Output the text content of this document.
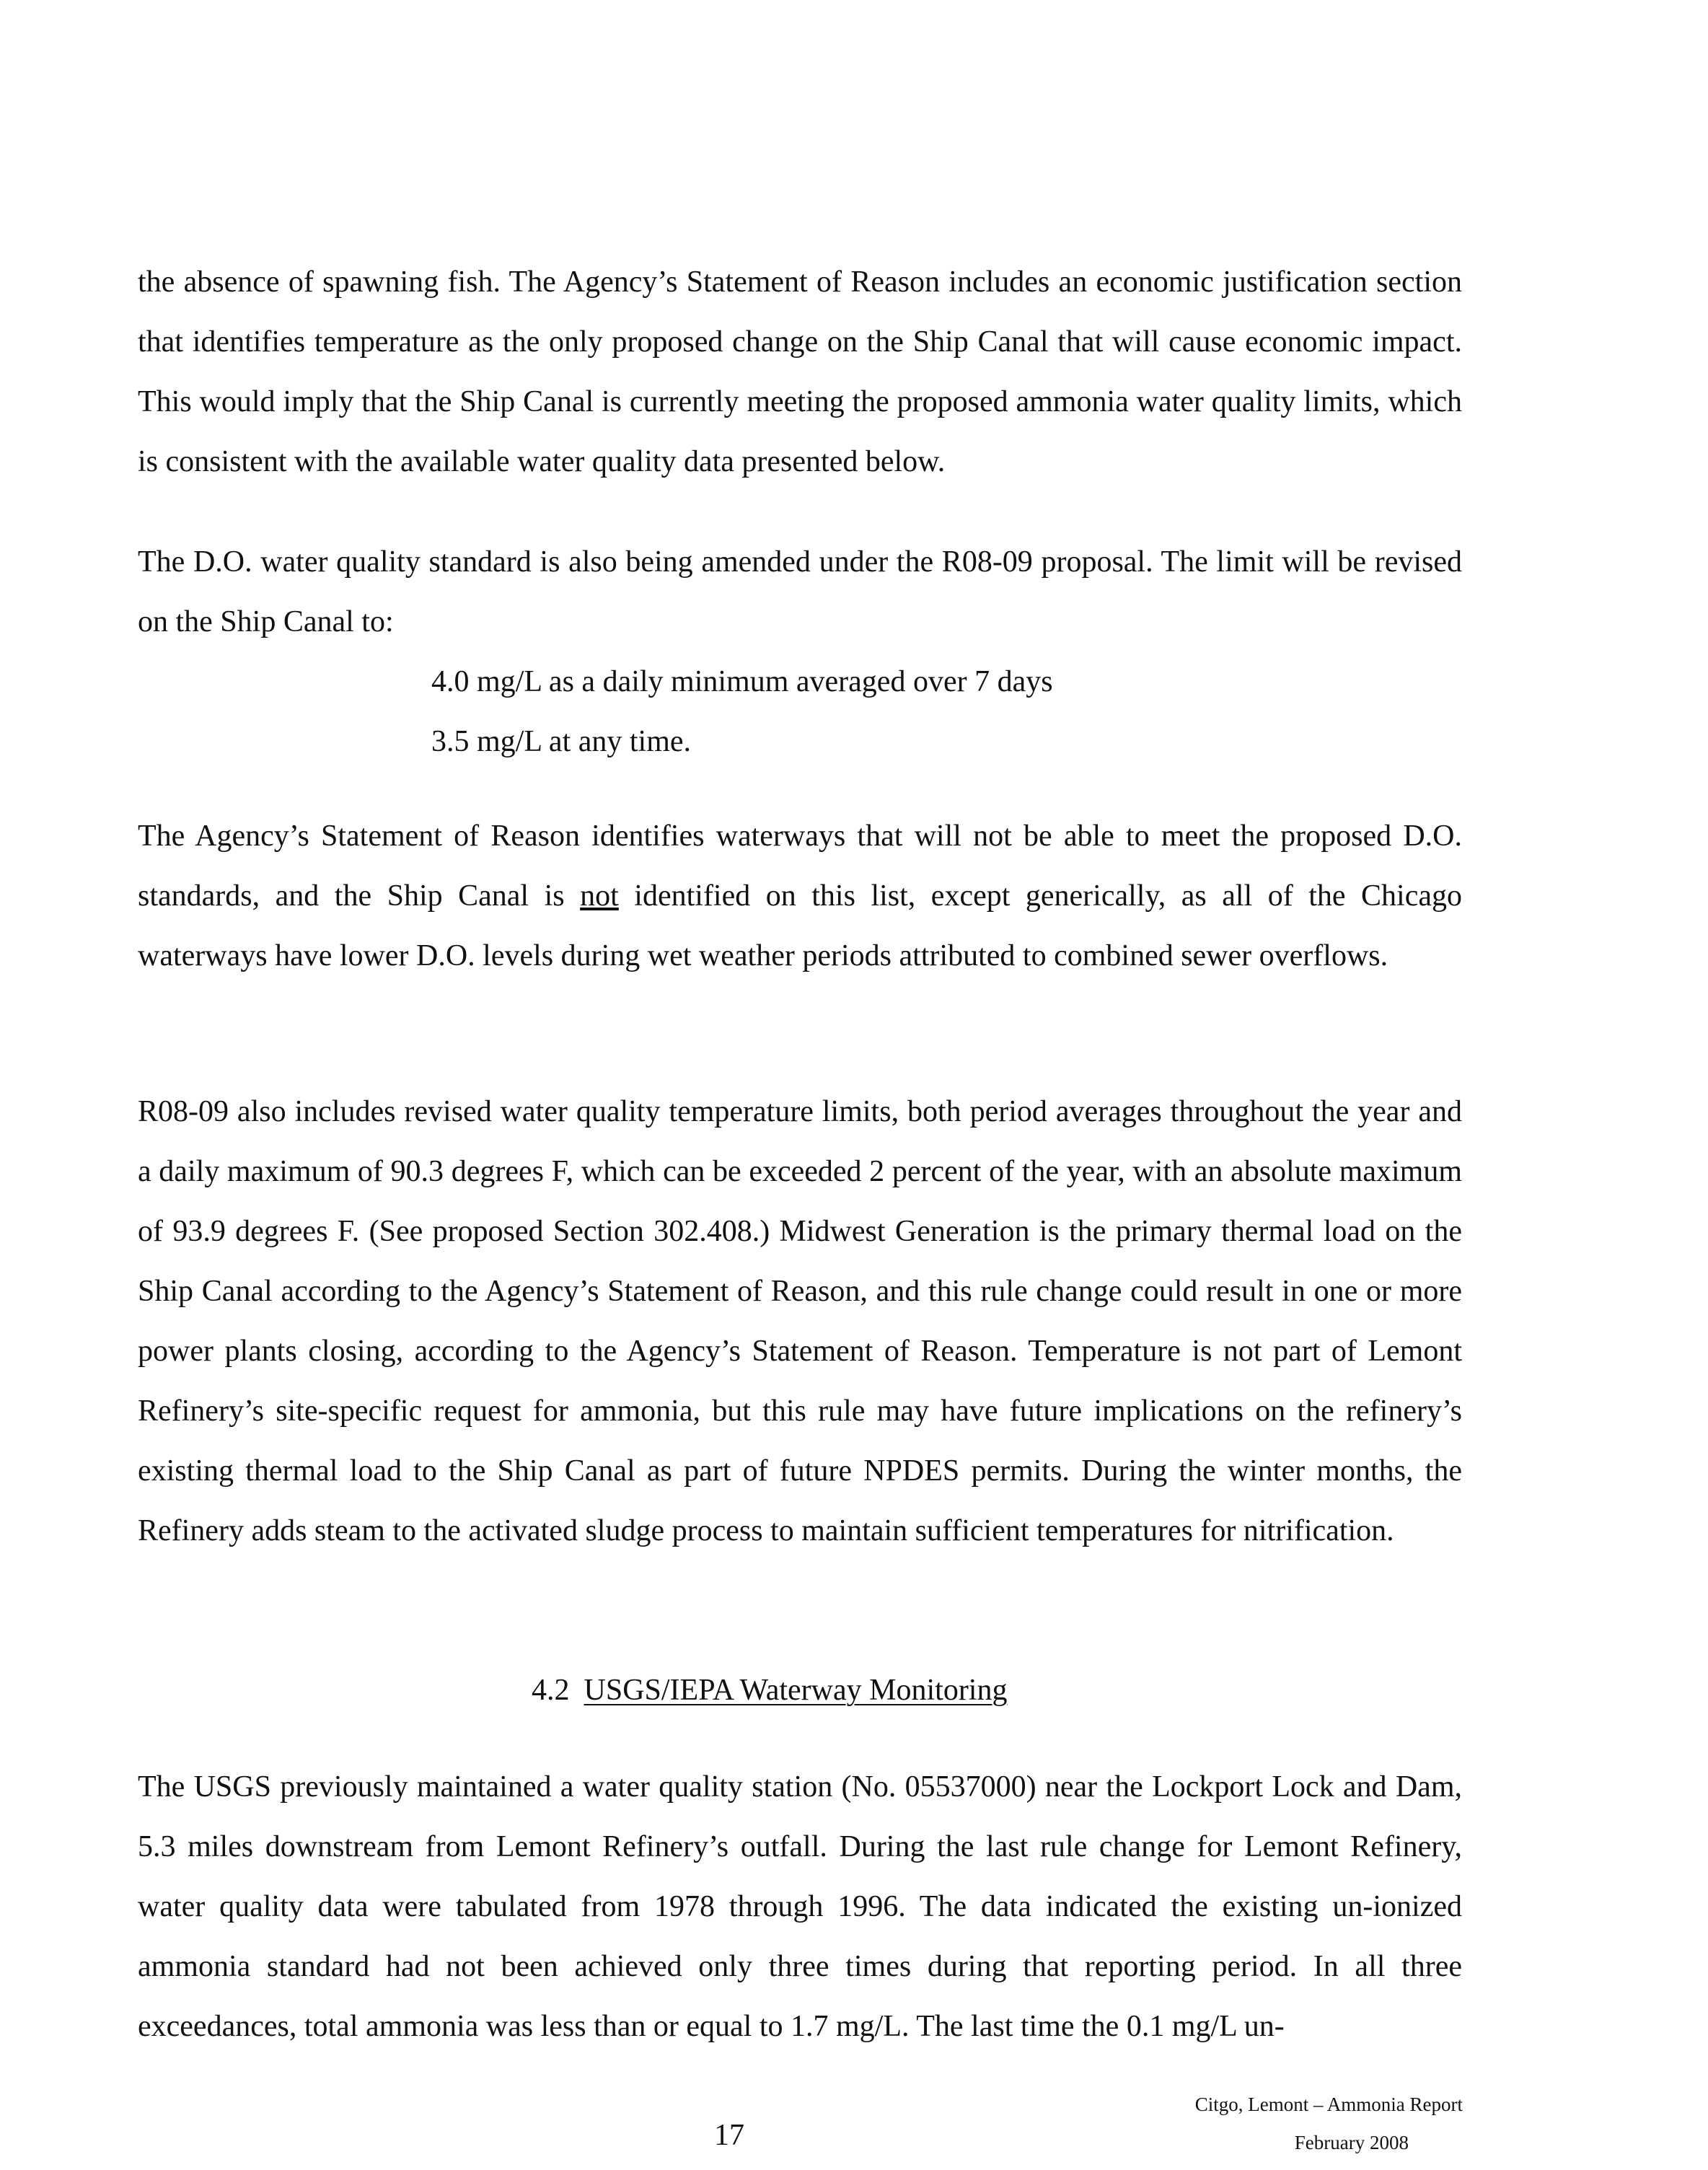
the absence of spawning fish. The Agency’s Statement of Reason includes an economic justification section that identifies temperature as the only proposed change on the Ship Canal that will cause economic impact. This would imply that the Ship Canal is currently meeting the proposed ammonia water quality limits, which is consistent with the available water quality data presented below.

The D.O. water quality standard is also being amended under the R08-09 proposal. The limit will be revised on the Ship Canal to:

4.0 mg/L as a daily minimum averaged over 7 days
3.5 mg/L at any time.

The Agency’s Statement of Reason identifies waterways that will not be able to meet the proposed D.O. standards, and the Ship Canal is not identified on this list, except generically, as all of the Chicago waterways have lower D.O. levels during wet weather periods attributed to combined sewer overflows.

R08-09 also includes revised water quality temperature limits, both period averages throughout the year and a daily maximum of 90.3 degrees F, which can be exceeded 2 percent of the year, with an absolute maximum of 93.9 degrees F. (See proposed Section 302.408.) Midwest Generation is the primary thermal load on the Ship Canal according to the Agency’s Statement of Reason, and this rule change could result in one or more power plants closing, according to the Agency’s Statement of Reason. Temperature is not part of Lemont Refinery’s site-specific request for ammonia, but this rule may have future implications on the refinery’s existing thermal load to the Ship Canal as part of future NPDES permits. During the winter months, the Refinery adds steam to the activated sludge process to maintain sufficient temperatures for nitrification.

4.2 USGS/IEPA Waterway Monitoring

The USGS previously maintained a water quality station (No. 05537000) near the Lockport Lock and Dam, 5.3 miles downstream from Lemont Refinery’s outfall. During the last rule change for Lemont Refinery, water quality data were tabulated from 1978 through 1996. The data indicated the existing un-ionized ammonia standard had not been achieved only three times during that reporting period. In all three exceedances, total ammonia was less than or equal to 1.7 mg/L. The last time the 0.1 mg/L un-

17
Citgo, Lemont – Ammonia Report
February 2008
